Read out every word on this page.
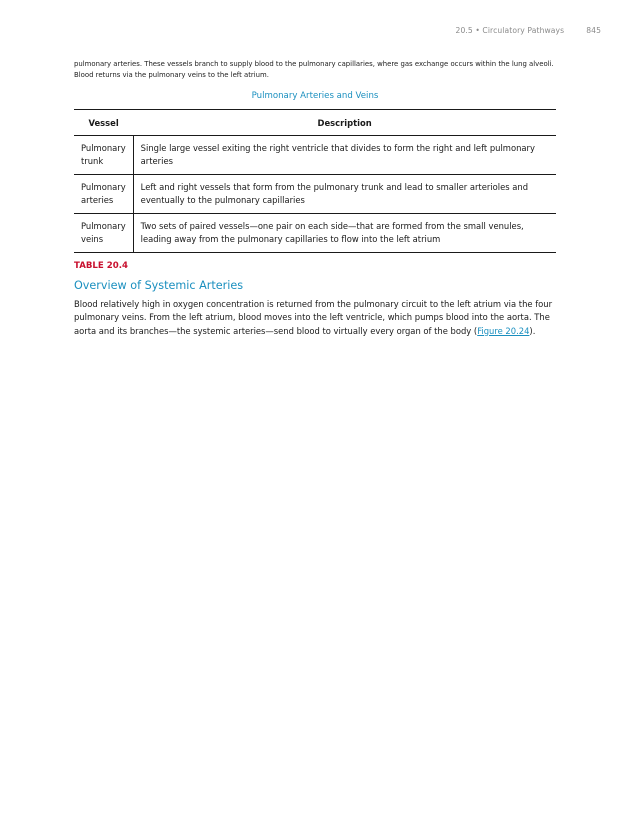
20.5 • Circulatory Pathways	845

pulmonary arteries. These vessels branch to supply blood to the pulmonary capillaries, where gas exchange occurs within the lung alveoli. Blood returns via the pulmonary veins to the left atrium.

Pulmonary Arteries and Veins
Vessel	Description
Pulmonary trunk	Single large vessel exiting the right ventricle that divides to form the right and left pulmonary arteries
Pulmonary arteries	Left and right vessels that form from the pulmonary trunk and lead to smaller arterioles and eventually to the pulmonary capillaries
Pulmonary veins	Two sets of paired vessels—one pair on each side—that are formed from the small venules, leading away from the pulmonary capillaries to flow into the left atrium
TABLE 20.4
Overview of Systemic Arteries

Blood relatively high in oxygen concentration is returned from the pulmonary circuit to the left atrium via the four pulmonary veins. From the left atrium, blood moves into the left ventricle, which pumps blood into the aorta. The aorta and its branches—the systemic arteries—send blood to virtually every organ of the body (Figure 20.24).
